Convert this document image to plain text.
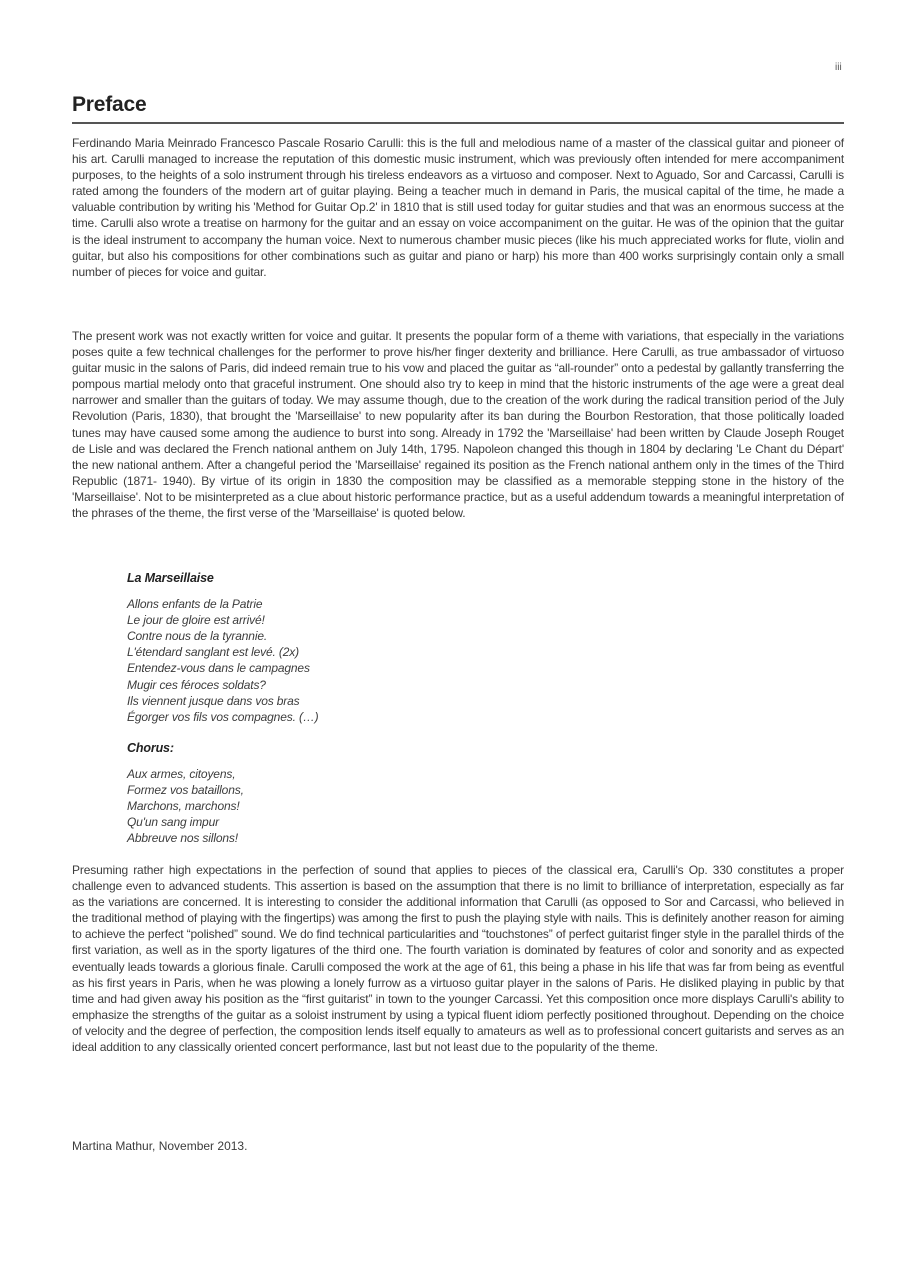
iii
Preface

Ferdinando Maria Meinrado Francesco Pascale Rosario Carulli: this is the full and melodious name of a master of the classical guitar and pioneer of his art. Carulli managed to increase the reputation of this domestic music instrument, which was previously often intended for mere accompaniment purposes, to the heights of a solo instrument through his tireless endeavors as a virtuoso and composer. Next to Aguado, Sor and Carcassi, Carulli is rated among the founders of the modern art of guitar playing. Being a teacher much in demand in Paris, the musical capital of the time, he made a valuable contribution by writing his 'Method for Guitar Op.2' in 1810 that is still used today for guitar studies and that was an enormous success at the time. Carulli also wrote a treatise on harmony for the guitar and an essay on voice accompaniment on the guitar. He was of the opinion that the guitar is the ideal instrument to accompany the human voice. Next to numerous chamber music pieces (like his much appreciated works for flute, violin and guitar, but also his compositions for other combinations such as guitar and piano or harp) his more than 400 works surprisingly contain only a small number of pieces for voice and guitar.

The present work was not exactly written for voice and guitar. It presents the popular form of a theme with variations, that especially in the variations poses quite a few technical challenges for the performer to prove his/her finger dexterity and brilliance. Here Carulli, as true ambassador of virtuoso guitar music in the salons of Paris, did indeed remain true to his vow and placed the guitar as “all-rounder” onto a pedestal by gallantly transferring the pompous martial melody onto that graceful instrument. One should also try to keep in mind that the historic instruments of the age were a great deal narrower and smaller than the guitars of today. We may assume though, due to the creation of the work during the radical transition period of the July Revolution (Paris, 1830), that brought the 'Marseillaise' to new popularity after its ban during the Bourbon Restoration, that those politically loaded tunes may have caused some among the audience to burst into song. Already in 1792 the 'Marseillaise' had been written by Claude Joseph Rouget de Lisle and was declared the French national anthem on July 14th, 1795. Napoleon changed this though in 1804 by declaring 'Le Chant du Départ' the new national anthem. After a changeful period the 'Marseillaise' regained its position as the French national anthem only in the times of the Third Republic (1871- 1940). By virtue of its origin in 1830 the composition may be classified as a memorable stepping stone in the history of the 'Marseillaise'. Not to be misinterpreted as a clue about historic performance practice, but as a useful addendum towards a meaningful interpretation of the phrases of the theme, the first verse of the 'Marseillaise' is quoted below.

La Marseillaise
Allons enfants de la Patrie
Le jour de gloire est arrivé!
Contre nous de la tyrannie.
L'étendard sanglant est levé. (2x)
Entendez-vous dans le campagnes
Mugir ces féroces soldats?
Ils viennent jusque dans vos bras
Égorger vos fils vos compagnes. (…)
Chorus:
Aux armes, citoyens,
Formez vos bataillons,
Marchons, marchons!
Qu'un sang impur
Abbreuve nos sillons!

Presuming rather high expectations in the perfection of sound that applies to pieces of the classical era, Carulli's Op. 330 constitutes a proper challenge even to advanced students. This assertion is based on the assumption that there is no limit to brilliance of interpretation, especially as far as the variations are concerned. It is interesting to consider the additional information that Carulli (as opposed to Sor and Carcassi, who believed in the traditional method of playing with the fingertips) was among the first to push the playing style with nails. This is definitely another reason for aiming to achieve the perfect “polished” sound. We do find technical particularities and “touchstones” of perfect guitarist finger style in the parallel thirds of the first variation, as well as in the sporty ligatures of the third one. The fourth variation is dominated by features of color and sonority and as expected eventually leads towards a glorious finale. Carulli composed the work at the age of 61, this being a phase in his life that was far from being as eventful as his first years in Paris, when he was plowing a lonely furrow as a virtuoso guitar player in the salons of Paris. He disliked playing in public by that time and had given away his position as the “first guitarist” in town to the younger Carcassi. Yet this composition once more displays Carulli's ability to emphasize the strengths of the guitar as a soloist instrument by using a typical fluent idiom perfectly positioned throughout. Depending on the choice of velocity and the degree of perfection, the composition lends itself equally to amateurs as well as to professional concert guitarists and serves as an ideal addition to any classically oriented concert performance, last but not least due to the popularity of the theme.

Martina Mathur, November 2013.
